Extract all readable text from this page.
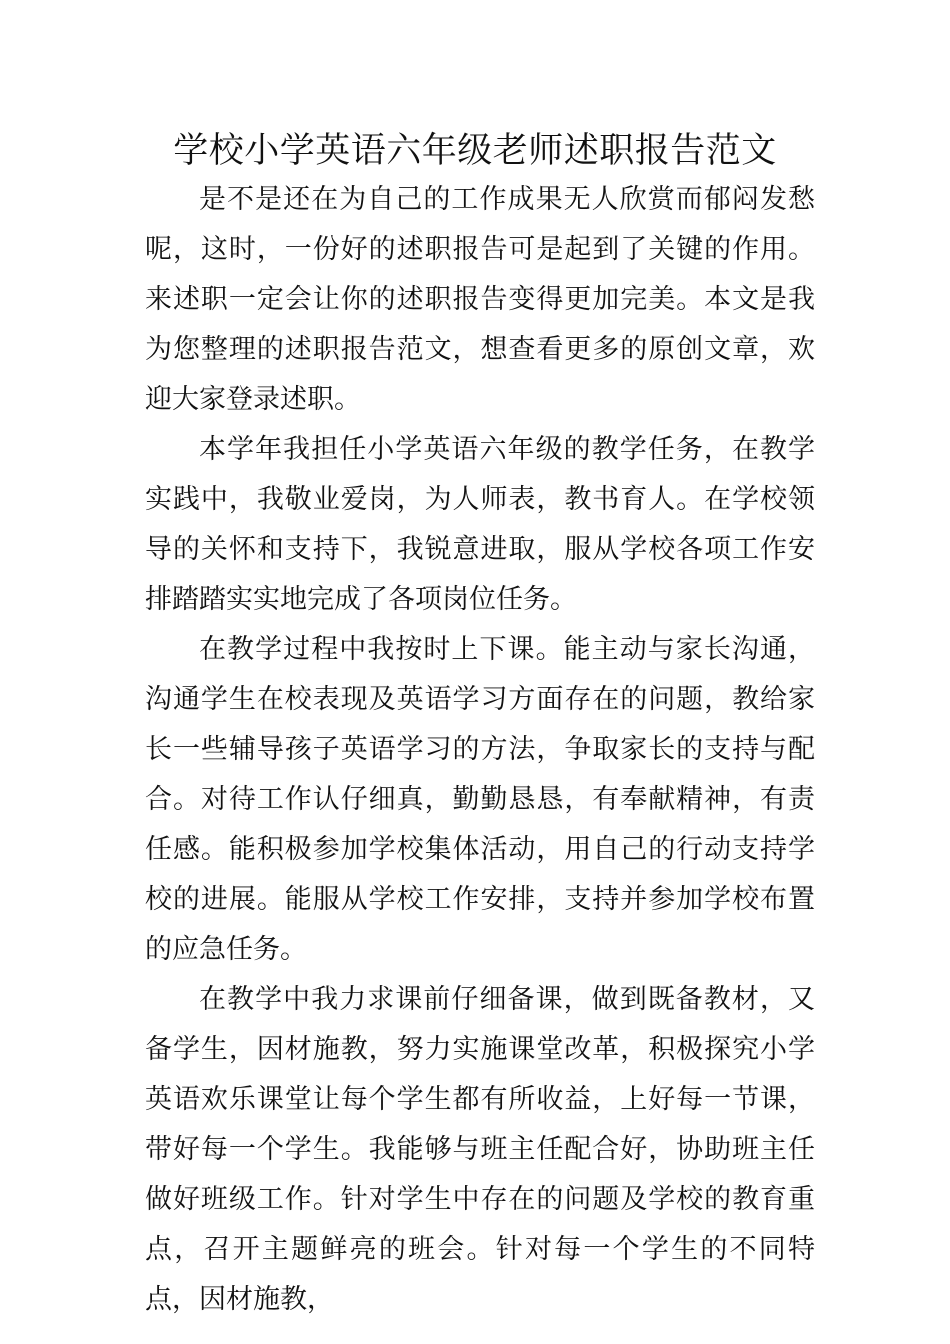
学校小学英语六年级老师述职报告范文

是不是还在为自己的工作成果无人欣赏而郁闷发愁呢，这时，一份好的述职报告可是起到了关键的作用。来述职一定会让你的述职报告变得更加完美。本文是我为您整理的述职报告范文，想查看更多的原创文章，欢迎大家登录述职。

本学年我担任小学英语六年级的教学任务，在教学实践中，我敬业爱岗，为人师表，教书育人。在学校领导的关怀和支持下，我锐意进取，服从学校各项工作安排踏踏实实地完成了各项岗位任务。

在教学过程中我按时上下课。能主动与家长沟通，沟通学生在校表现及英语学习方面存在的问题，教给家长一些辅导孩子英语学习的方法，争取家长的支持与配合。对待工作认仔细真，勤勤恳恳，有奉献精神，有责任感。能积极参加学校集体活动，用自己的行动支持学校的进展。能服从学校工作安排，支持并参加学校布置的应急任务。

在教学中我力求课前仔细备课，做到既备教材，又备学生，因材施教，努力实施课堂改革，积极探究小学英语欢乐课堂让每个学生都有所收益，上好每一节课，带好每一个学生。我能够与班主任配合好，协助班主任做好班级工作。针对学生中存在的问题及学校的教育重点，召开主题鲜亮的班会。针对每一个学生的不同特点，因材施教，
